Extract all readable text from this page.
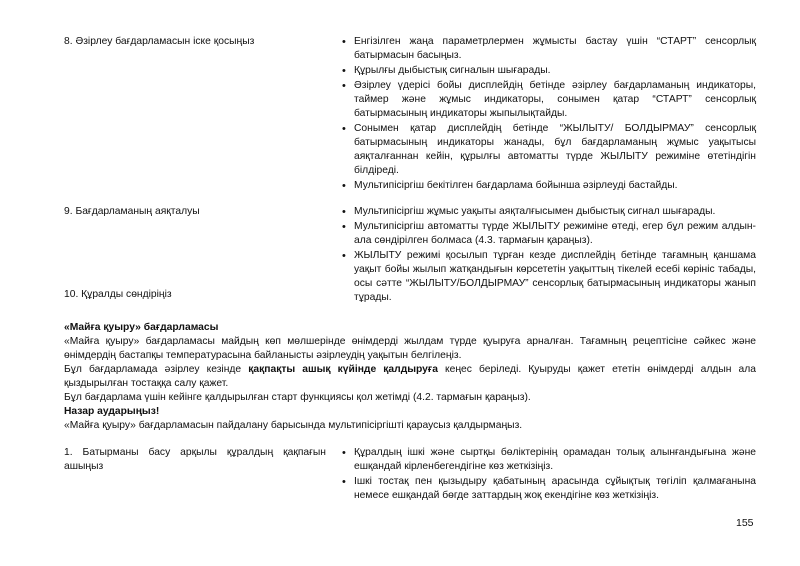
8. Әзірлеу бағдарламасын іске қосыңыз	• Енгізілген жаңа параметрлермен жұмысты бастау үшін “СТАРТ” сенсорлық батырмасын басыңыз.
• Құрылғы дыбыстық сигналын шығарады.
• Әзірлеу үдерісі бойы дисплейдің бетінде әзірлеу бағдарламаның индикаторы, таймер және жұмыс индикаторы, сонымен қатар “СТАРТ” сенсорлық батырмасының индикаторы жыпылықтайды.
• Сонымен қатар дисплейдің бетінде “ЖЫЛЫТУ/ БОЛДЫРМАУ” сенсорлық батырмасының индикаторы жанады, бұл бағдарламаның жұмыс уақытысы аяқталғаннан кейін, құрылғы автоматты түрде ЖЫЛЫТУ режиміне өтетіндігін білдіреді.
• Мультипісіргіш бекітілген бағдарлама бойынша әзірлеуді бастайды.
9. Бағдарламаның аяқталуы	• Мультипісіргіш жұмыс уақыты аяқталғысымен дыбыстық сигнал шығарады.
• Мультипісіргіш автоматты түрде ЖЫЛЫТУ режиміне өтеді, егер бұл режим алдын-ала сөндірілген болмаса (4.3. тармағын қараңыз).
• ЖЫЛЫТУ режимі қосылып тұрған кезде дисплейдің бетінде тағамның қаншама уақыт бойы жылып жатқандығын көрсететін уақыттың тікелей есебі көрініс табады, осы сәтте “ЖЫЛЫТУ/БОЛДЫРМАУ” сенсорлық батырмасының индикаторы жанып тұрады.
10. Құралды сөндіріңіз

«Майға қуыру» бағдарламасы

«Майға қуыру» бағдарламасы майдың көп мөлшерінде өнімдерді жылдам түрде қуыруға арналған. Тағамның рецептісіне сәйкес және өнімдердің бастапқы температурасына байланысты әзірлеудің уақытын белгілеңіз.

Бұл бағдарламада әзірлеу кезінде қақпақты ашық күйінде қалдыруға кеңес беріледі. Қуыруды қажет ететін өнімдерді алдын ала қыздырылған тостаққа салу қажет.

Бұл бағдарлама үшін кейінге қалдырылған старт функциясы қол жетімді (4.2. тармағын қараңыз).

Назар аударыңыз!

«Майға қуыру» бағдарламасын пайдалану барысында мультипісіргішті қараусыз қалдырмаңыз.

1. Батырманы басу арқылы құралдың қақпағын ашыңыз
• Құралдың ішкі және сыртқы бөліктерінің орамадан толық алынғандығына және ешқандай кірленбегендігіне көз жеткізіңіз.
• Ішкі тостақ пен қызыдыру қабатының арасында сұйықтық төгіліп қалмағанына немесе ешқандай бөгде заттардың жоқ екендігіне көз жеткізіңіз.
155
